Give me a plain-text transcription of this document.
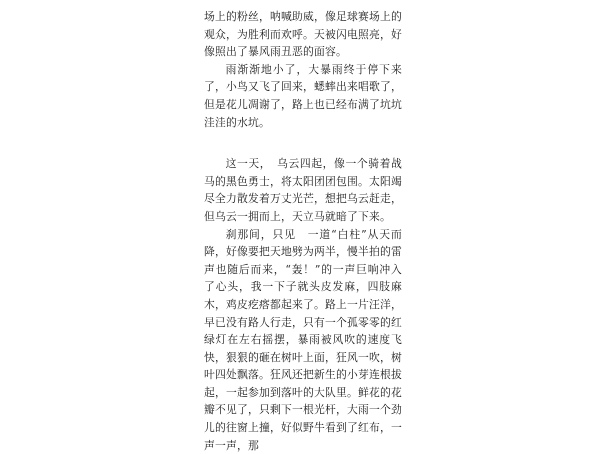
场上的粉丝，呐喊助威，像足球赛场上的观众，为胜利而欢呼。天被闪电照亮，好像照出了暴风雨丑恶的面容。

雨渐渐地小了，大暴雨终于停下来了，小鸟又飞了回来，蟋蟀出来唱歌了，但是花儿凋谢了，路上也已经布满了坑坑洼洼的水坑。

这一天，　乌云四起，像一个骑着战马的黑色勇士，将太阳团团包围。太阳竭尽全力散发着万丈光芒，想把乌云赶走，但乌云一拥而上，天立马就暗了下来。

刹那间，只见　一道“白柱”从天而降，好像要把天地劈为两半，慢半拍的雷声也随后而来，“轰！”的一声巨响冲入了心头，我一下子就头皮发麻，四肢麻木，鸡皮疙瘩都起来了。路上一片汪洋，早已没有路人行走，只有一个孤零零的红绿灯在左右摇摆，暴雨被风吹的速度飞快，狠狠的砸在树叶上面，狂风一吹，树叶四处飘落。狂风还把新生的小芽连根拔起，一起参加到落叶的大队里。鲜花的花瓣不见了，只剩下一根光杆，大雨一个劲儿的往窗上撞，好似野牛看到了红布，一声一声，那
